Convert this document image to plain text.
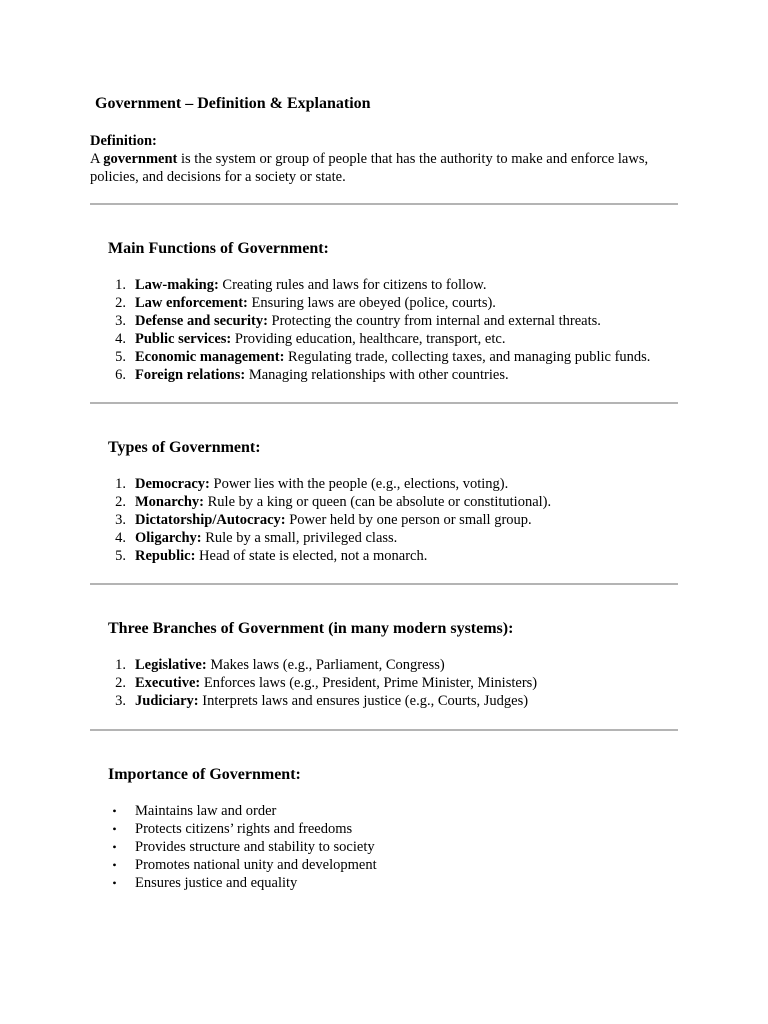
Government – Definition & Explanation
Definition:
A government is the system or group of people that has the authority to make and enforce laws, policies, and decisions for a society or state.
Main Functions of Government:
1. Law-making: Creating rules and laws for citizens to follow.
2. Law enforcement: Ensuring laws are obeyed (police, courts).
3. Defense and security: Protecting the country from internal and external threats.
4. Public services: Providing education, healthcare, transport, etc.
5. Economic management: Regulating trade, collecting taxes, and managing public funds.
6. Foreign relations: Managing relationships with other countries.
Types of Government:
1. Democracy: Power lies with the people (e.g., elections, voting).
2. Monarchy: Rule by a king or queen (can be absolute or constitutional).
3. Dictatorship/Autocracy: Power held by one person or small group.
4. Oligarchy: Rule by a small, privileged class.
5. Republic: Head of state is elected, not a monarch.
Three Branches of Government (in many modern systems):
1. Legislative: Makes laws (e.g., Parliament, Congress)
2. Executive: Enforces laws (e.g., President, Prime Minister, Ministers)
3. Judiciary: Interprets laws and ensures justice (e.g., Courts, Judges)
Importance of Government:
•	Maintains law and order
•	Protects citizens’ rights and freedoms
•	Provides structure and stability to society
•	Promotes national unity and development
•	Ensures justice and equality
